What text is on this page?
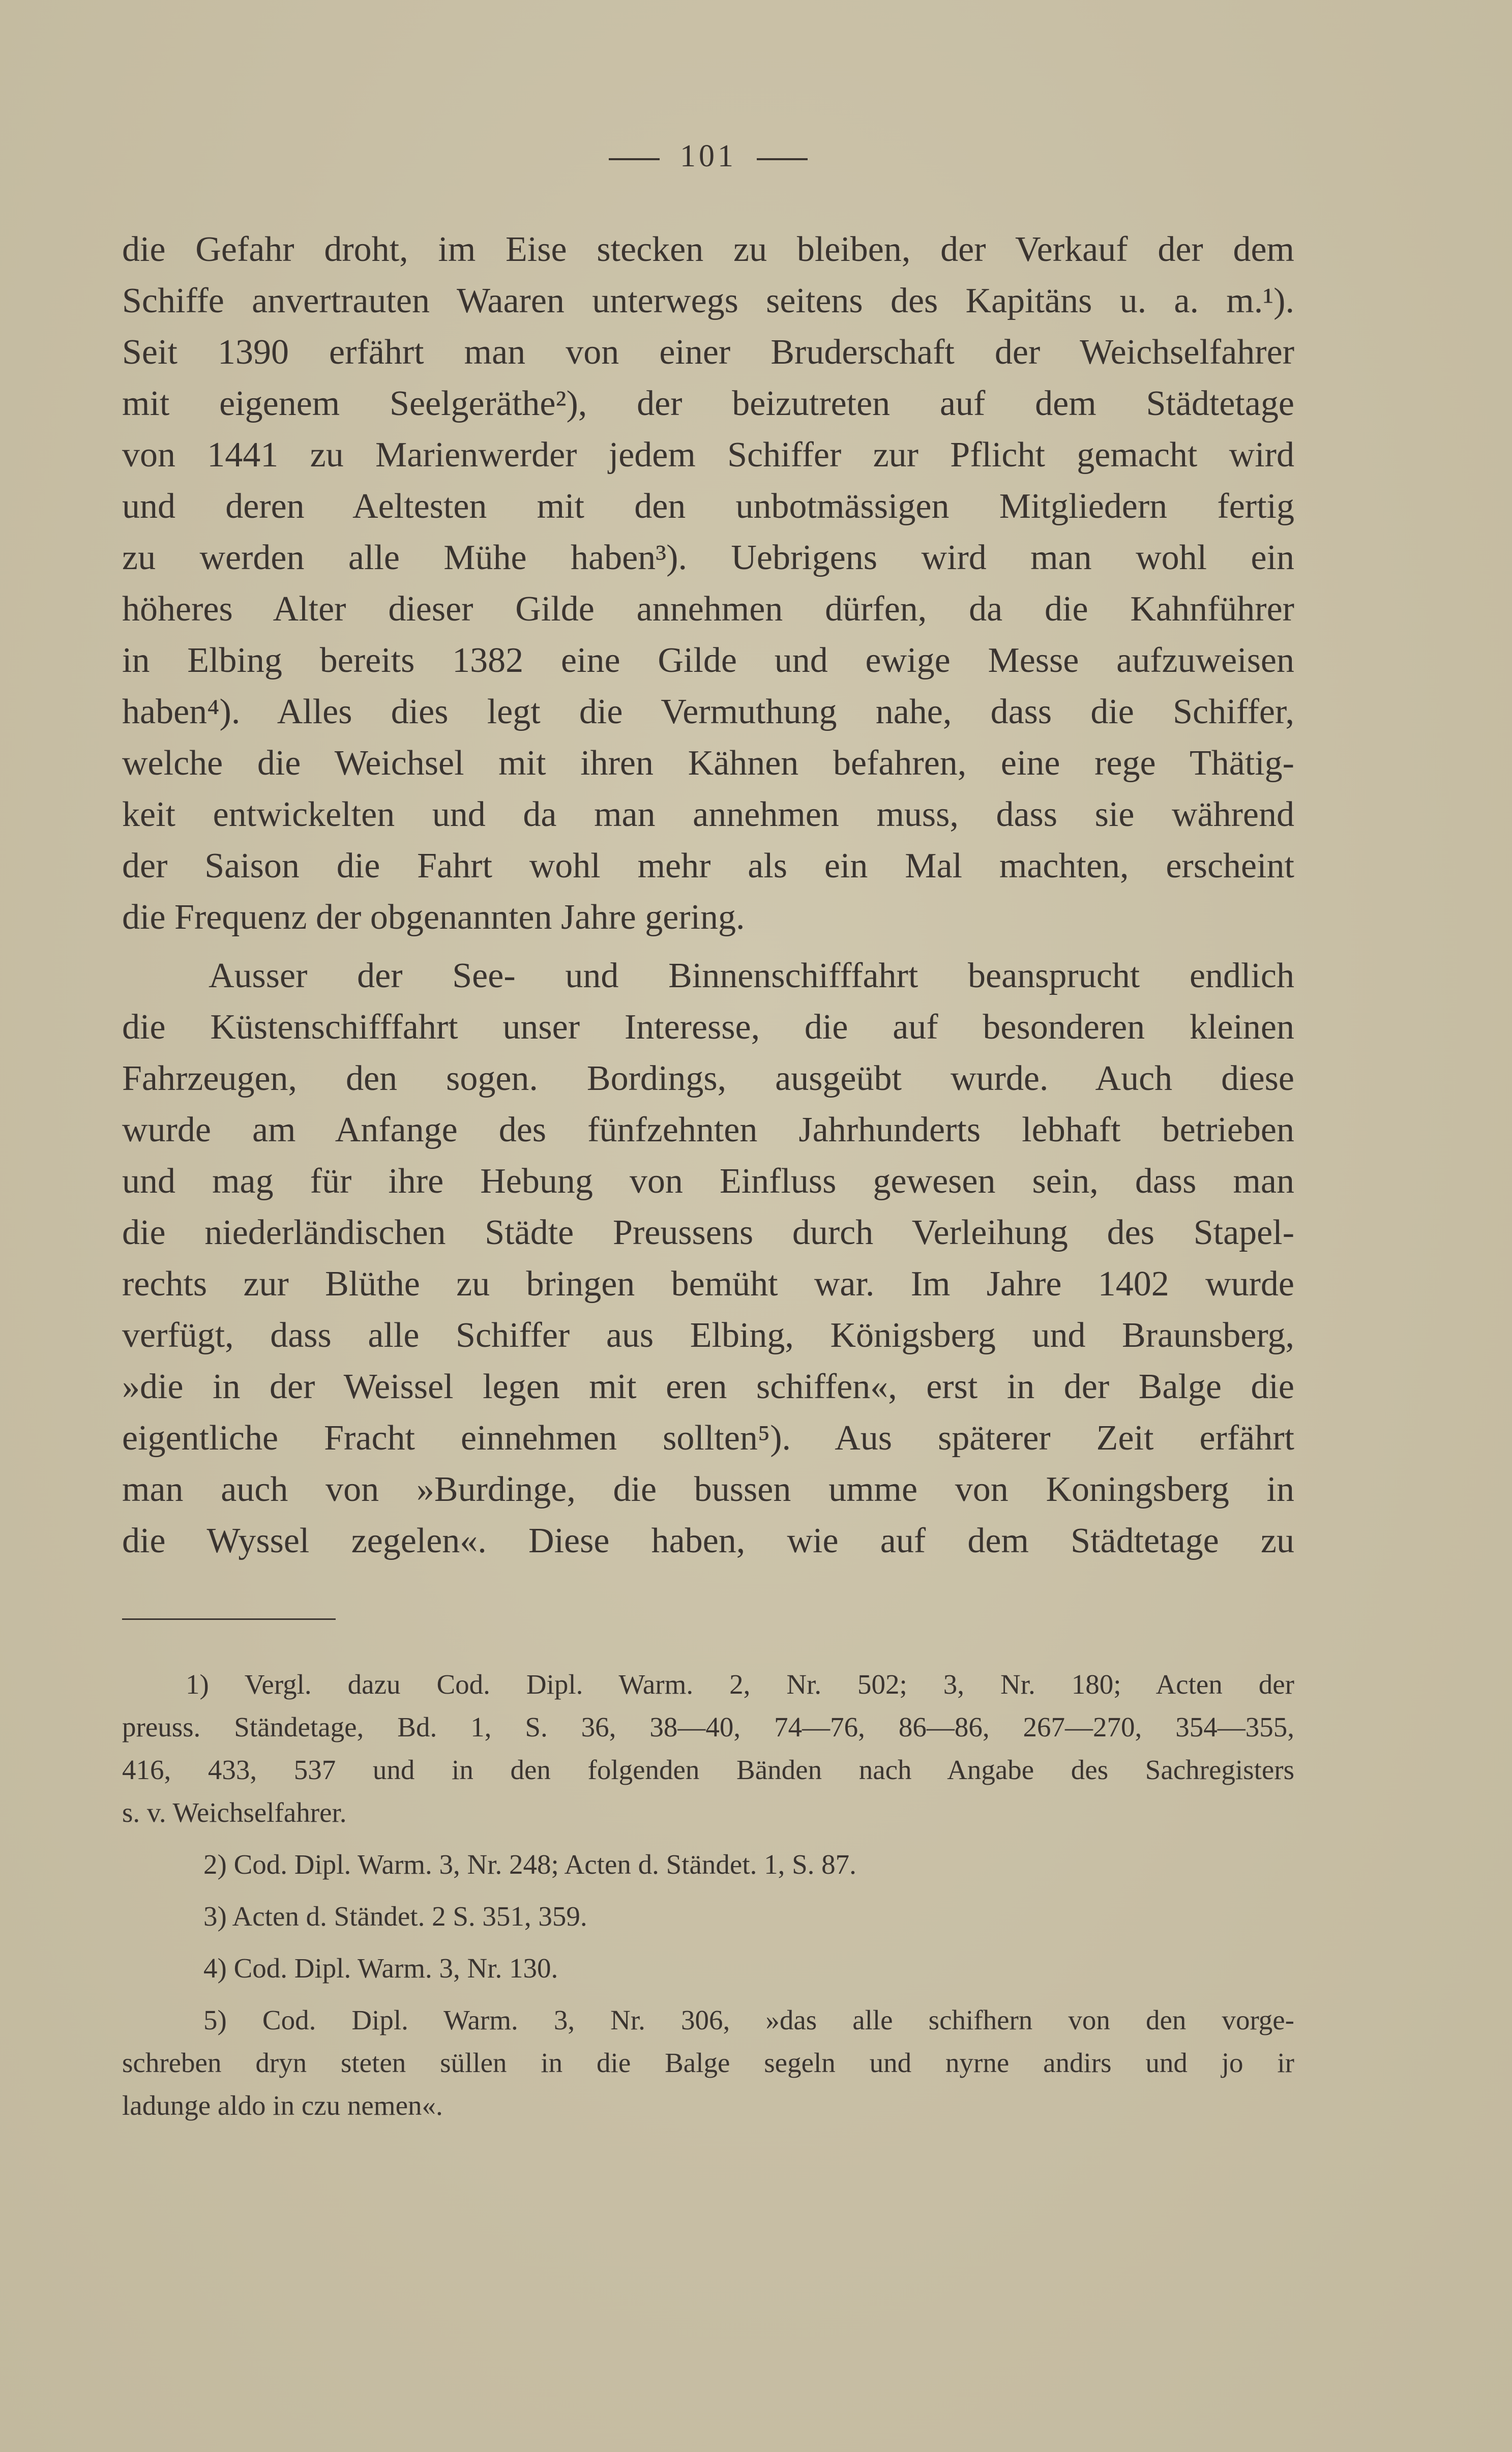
101

die Gefahr droht, im Eise stecken zu bleiben, der Verkauf der dem
Schiffe anvertrauten Waaren unterwegs seitens des Kapitäns u. a. m.¹).
Seit 1390 erfährt man von einer Bruderschaft der Weichselfahrer
mit eigenem Seelgeräthe²), der beizutreten auf dem Städtetage
von 1441 zu Marienwerder jedem Schiffer zur Pflicht gemacht wird
und deren Aeltesten mit den unbotmässigen Mitgliedern fertig
zu werden alle Mühe haben³). Uebrigens wird man wohl ein
höheres Alter dieser Gilde annehmen dürfen, da die Kahnführer
in Elbing bereits 1382 eine Gilde und ewige Messe aufzuweisen
haben⁴). Alles dies legt die Vermuthung nahe, dass die Schiffer,
welche die Weichsel mit ihren Kähnen befahren, eine rege Thätig-
keit entwickelten und da man annehmen muss, dass sie während
der Saison die Fahrt wohl mehr als ein Mal machten, erscheint
die Frequenz der obgenannten Jahre gering.

Ausser der See- und Binnenschifffahrt beansprucht endlich
die Küstenschifffahrt unser Interesse, die auf besonderen kleinen
Fahrzeugen, den sogen. Bordings, ausgeübt wurde. Auch diese
wurde am Anfange des fünfzehnten Jahrhunderts lebhaft betrieben
und mag für ihre Hebung von Einfluss gewesen sein, dass man
die niederländischen Städte Preussens durch Verleihung des Stapel-
rechts zur Blüthe zu bringen bemüht war. Im Jahre 1402 wurde
verfügt, dass alle Schiffer aus Elbing, Königsberg und Braunsberg,
»die in der Weissel legen mit eren schiffen«, erst in der Balge die
eigentliche Fracht einnehmen sollten⁵). Aus späterer Zeit erfährt
man auch von »Burdinge, die bussen umme von Koningsberg in
die Wyssel zegelen«. Diese haben, wie auf dem Städtetage zu

1) Vergl. dazu Cod. Dipl. Warm. 2, Nr. 502; 3, Nr. 180; Acten der
preuss. Ständetage, Bd. 1, S. 36, 38—40, 74—76, 86—86, 267—270, 354—355,
416, 433, 537 und in den folgenden Bänden nach Angabe des Sachregisters
s. v. Weichselfahrer.
2) Cod. Dipl. Warm. 3, Nr. 248; Acten d. Ständet. 1, S. 87.
3) Acten d. Ständet. 2 S. 351, 359.
4) Cod. Dipl. Warm. 3, Nr. 130.
5) Cod. Dipl. Warm. 3, Nr. 306, »das alle schifhern von den vorge-
schreben dryn steten süllen in die Balge segeln und nyrne andirs und jo ir
ladunge aldo in czu nemen«.
